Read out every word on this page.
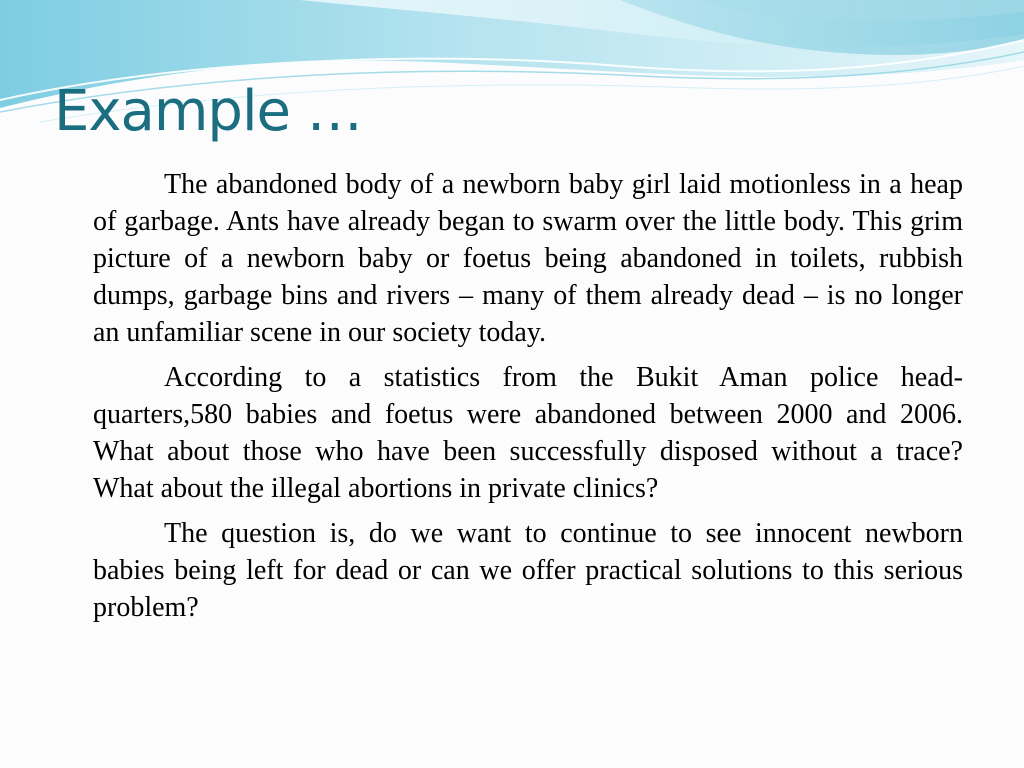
Example …

The abandoned body of a newborn baby girl laid motionless in a heap of garbage. Ants have already began to swarm over the little body. This grim picture of a newborn baby or foetus being abandoned in toilets, rubbish dumps, garbage bins and rivers – many of them already dead – is no longer an unfamiliar scene in our society today.

According to a statistics from the Bukit Aman police head-quarters,580 babies and foetus were abandoned between 2000 and 2006. What about those who have been successfully disposed without a trace? What about the illegal abortions in private clinics?

The question is, do we want to continue to see innocent newborn babies being left for dead or can we offer practical solutions to this serious problem?
